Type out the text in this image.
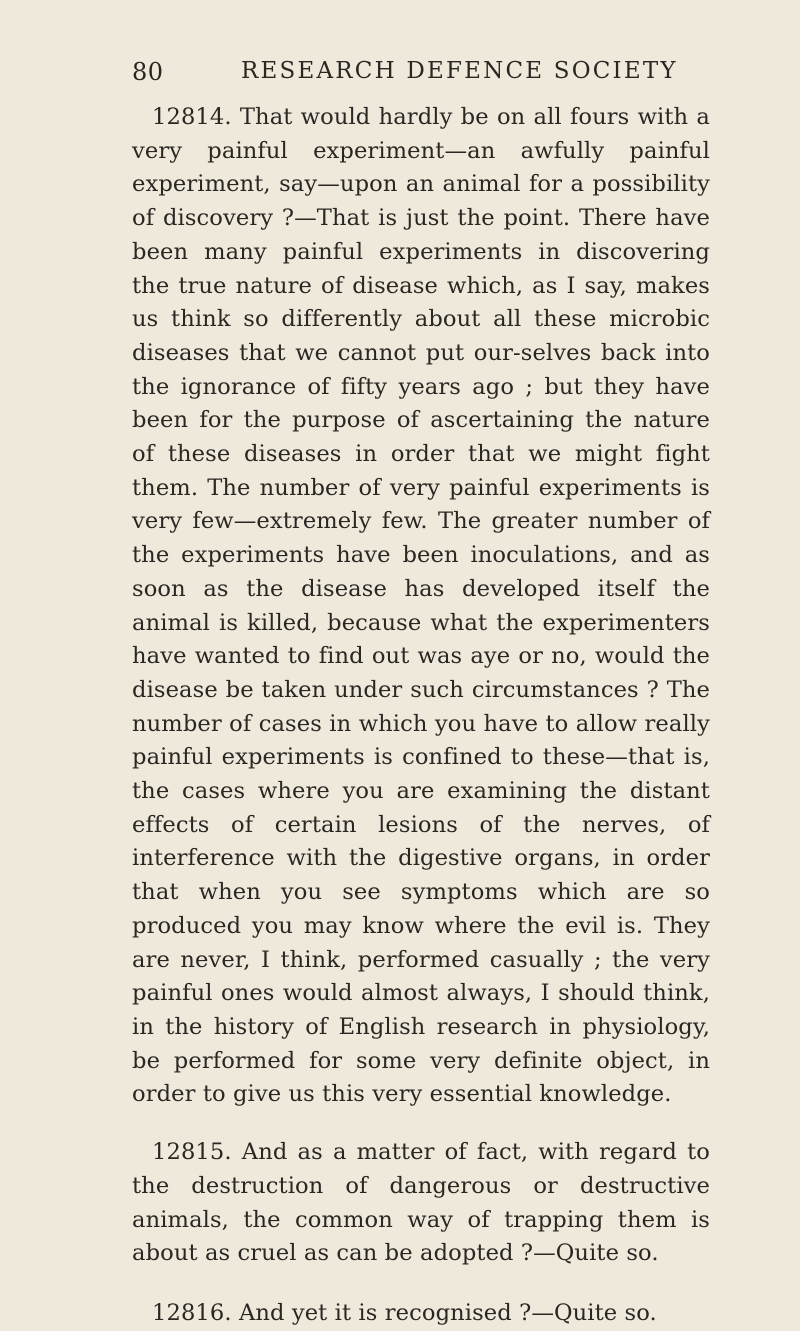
80	RESEARCH DEFENCE SOCIETY

12814. That would hardly be on all fours with a very painful experiment—an awfully painful experiment, say—upon an animal for a possibility of discovery ?—That is just the point. There have been many painful experiments in discovering the true nature of disease which, as I say, makes us think so differently about all these microbic diseases that we cannot put our-selves back into the ignorance of fifty years ago ; but they have been for the purpose of ascertaining the nature of these diseases in order that we might fight them. The number of very painful experiments is very few—extremely few. The greater number of the experiments have been inoculations, and as soon as the disease has developed itself the animal is killed, because what the experimenters have wanted to find out was aye or no, would the disease be taken under such circumstances ? The number of cases in which you have to allow really painful experiments is confined to these—that is, the cases where you are examining the distant effects of certain lesions of the nerves, of interference with the digestive organs, in order that when you see symptoms which are so produced you may know where the evil is. They are never, I think, performed casually ; the very painful ones would almost always, I should think, in the history of English research in physiology, be performed for some very definite object, in order to give us this very essential knowledge.

12815. And as a matter of fact, with regard to the destruction of dangerous or destructive animals, the common way of trapping them is about as cruel as can be adopted ?—Quite so.

12816. And yet it is recognised ?—Quite so.
